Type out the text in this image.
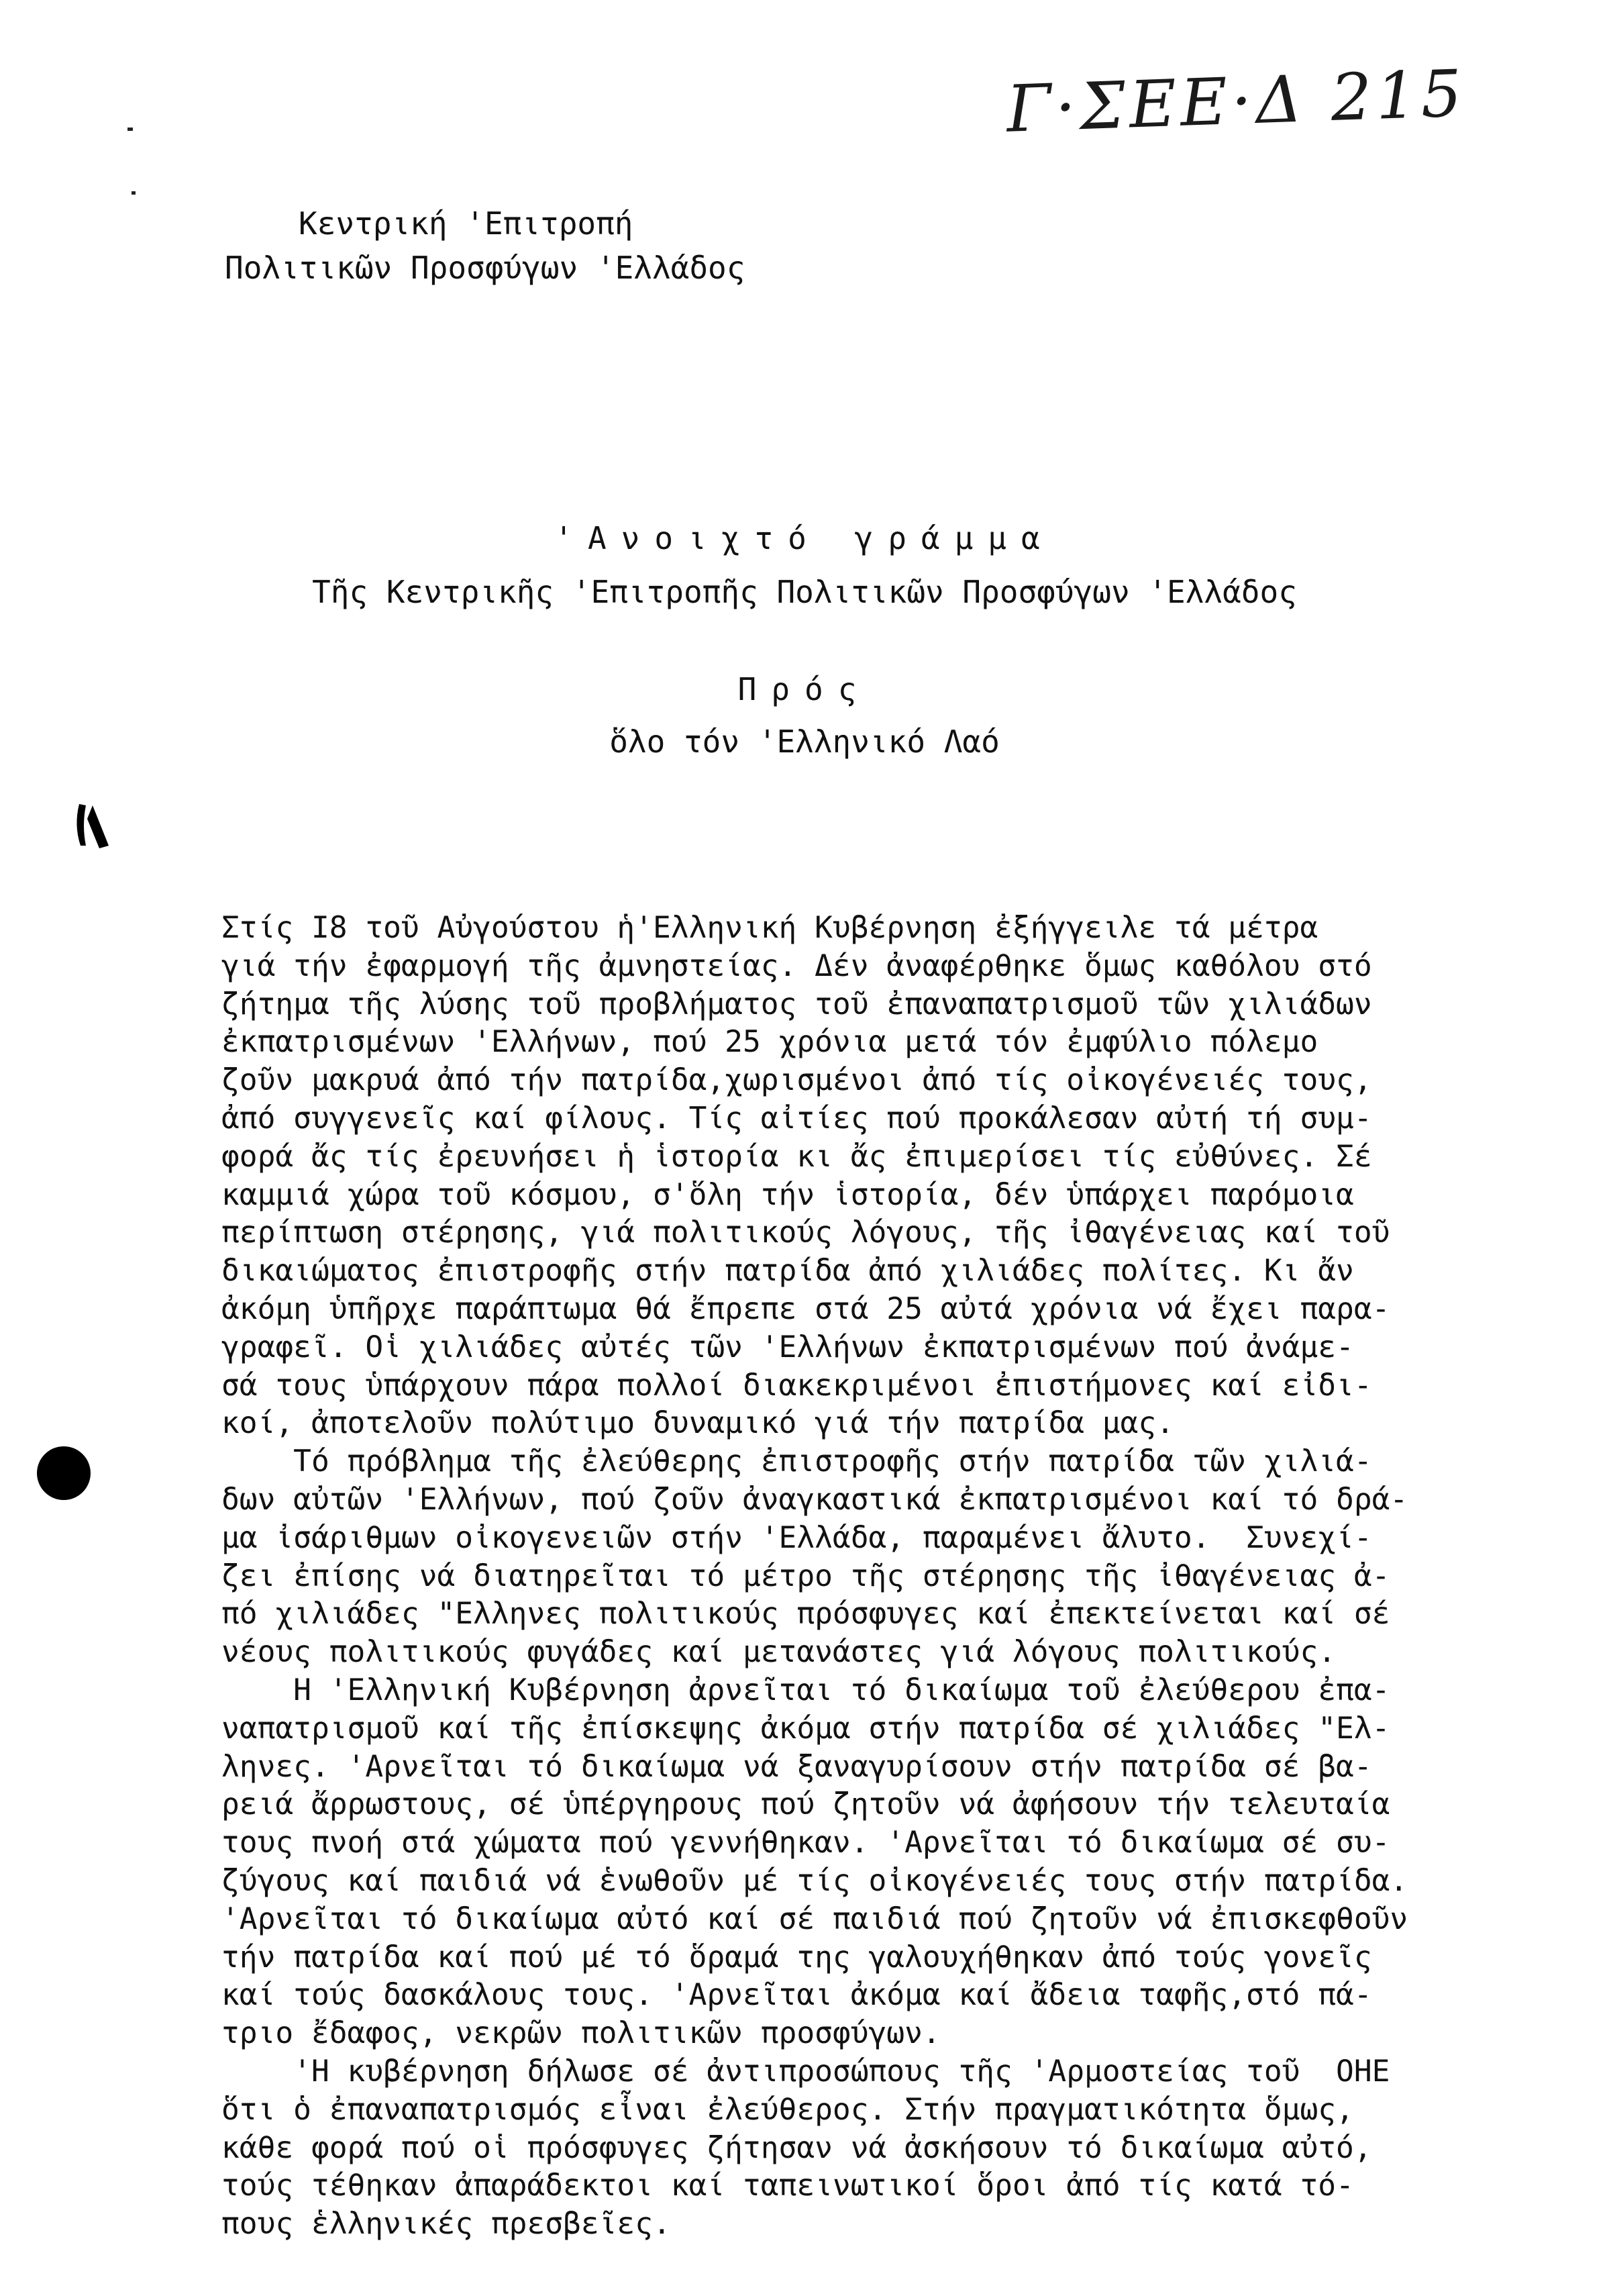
Γ·ΣΕΕ·Δ 215
Κεντρική 'Επιτροπή
Πολιτικῶν Προσφύγων 'Ελλάδος
'Ανοιχτό γράμμα
Τῆς Κεντρικῆς 'Επιτροπῆς Πολιτικῶν Προσφύγων 'Ελλάδος
Πρός
ὅλο τόν 'Ελληνικό Λαό
Στίς Ι8 τοῦ Αὐγούστου ἡ'Ελληνική Κυβέρνηση ἐξήγγειλε τά μέτρα
γιά τήν ἐφαρμογή τῆς ἀμνηστείας. Δέν ἀναφέρθηκε ὅμως καθόλου στό
ζήτημα τῆς λύσης τοῦ προβλήματος τοῦ ἐπαναπατρισμοῦ τῶν χιλιάδων
ἐκπατρισμένων 'Ελλήνων, πού 25 χρόνια μετά τόν ἐμφύλιο πόλεμο
ζοῦν μακρυά ἀπό τήν πατρίδα,χωρισμένοι ἀπό τίς οἰκογένειές τους,
ἀπό συγγενεῖς καί φίλους. Τίς αἰτίες πού προκάλεσαν αὐτή τή συμ-
φορά ἄς τίς ἐρευνήσει ἡ ἱστορία κι ἄς ἐπιμερίσει τίς εὐθύνες. Σέ
καμμιά χώρα τοῦ κόσμου, σ'ὅλη τήν ἱστορία, δέν ὑπάρχει παρόμοια
περίπτωση στέρησης, γιά πολιτικούς λόγους, τῆς ἰθαγένειας καί τοῦ
δικαιώματος ἐπιστροφῆς στήν πατρίδα ἀπό χιλιάδες πολίτες. Κι ἄν
ἀκόμη ὑπῆρχε παράπτωμα θά ἔπρεπε στά 25 αὐτά χρόνια νά ἔχει παρα-
γραφεῖ. Οἱ χιλιάδες αὐτές τῶν 'Ελλήνων ἐκπατρισμένων πού ἀνάμε-
σά τους ὑπάρχουν πάρα πολλοί διακεκριμένοι ἐπιστήμονες καί εἰδι-
κοί, ἀποτελοῦν πολύτιμο δυναμικό γιά τήν πατρίδα μας.
Τό πρόβλημα τῆς ἐλεύθερης ἐπιστροφῆς στήν πατρίδα τῶν χιλιά-
δων αὐτῶν 'Ελλήνων, πού ζοῦν ἀναγκαστικά ἐκπατρισμένοι καί τό δρά-
μα ἰσάριθμων οἰκογενειῶν στήν 'Ελλάδα, παραμένει ἄλυτο.  Συνεχί-
ζει ἐπίσης νά διατηρεῖται τό μέτρο τῆς στέρησης τῆς ἰθαγένειας ἀ-
πό χιλιάδες "Ελληνες πολιτικούς πρόσφυγες καί ἐπεκτείνεται καί σέ
νέους πολιτικούς φυγάδες καί μετανάστες γιά λόγους πολιτικούς.
Η 'Ελληνική Κυβέρνηση ἀρνεῖται τό δικαίωμα τοῦ ἐλεύθερου ἐπα-
ναπατρισμοῦ καί τῆς ἐπίσκεψης ἀκόμα στήν πατρίδα σέ χιλιάδες "Ελ-
ληνες. 'Αρνεῖται τό δικαίωμα νά ξαναγυρίσουν στήν πατρίδα σέ βα-
ρειά ἄρρωστους, σέ ὑπέργηρους πού ζητοῦν νά ἀφήσουν τήν τελευταία
τους πνοή στά χώματα πού γεννήθηκαν. 'Αρνεῖται τό δικαίωμα σέ συ-
ζύγους καί παιδιά νά ἑνωθοῦν μέ τίς οἰκογένειές τους στήν πατρίδα.
'Αρνεῖται τό δικαίωμα αὐτό καί σέ παιδιά πού ζητοῦν νά ἐπισκεφθοῦν
τήν πατρίδα καί πού μέ τό ὅραμά της γαλουχήθηκαν ἀπό τούς γονεῖς
καί τούς δασκάλους τους. 'Αρνεῖται ἀκόμα καί ἄδεια ταφῆς,στό πά-
τριο ἔδαφος, νεκρῶν πολιτικῶν προσφύγων.
'Η κυβέρνηση δήλωσε σέ ἀντιπροσώπους τῆς 'Αρμοστείας τοῦ  ΟΗΕ
ὅτι ὁ ἐπαναπατρισμός εἶναι ἐλεύθερος. Στήν πραγματικότητα ὅμως,
κάθε φορά πού οἱ πρόσφυγες ζήτησαν νά ἀσκήσουν τό δικαίωμα αὐτό,
τούς τέθηκαν ἀπαράδεκτοι καί ταπεινωτικοί ὅροι ἀπό τίς κατά τό-
πους ἑλληνικές πρεσβεῖες.
